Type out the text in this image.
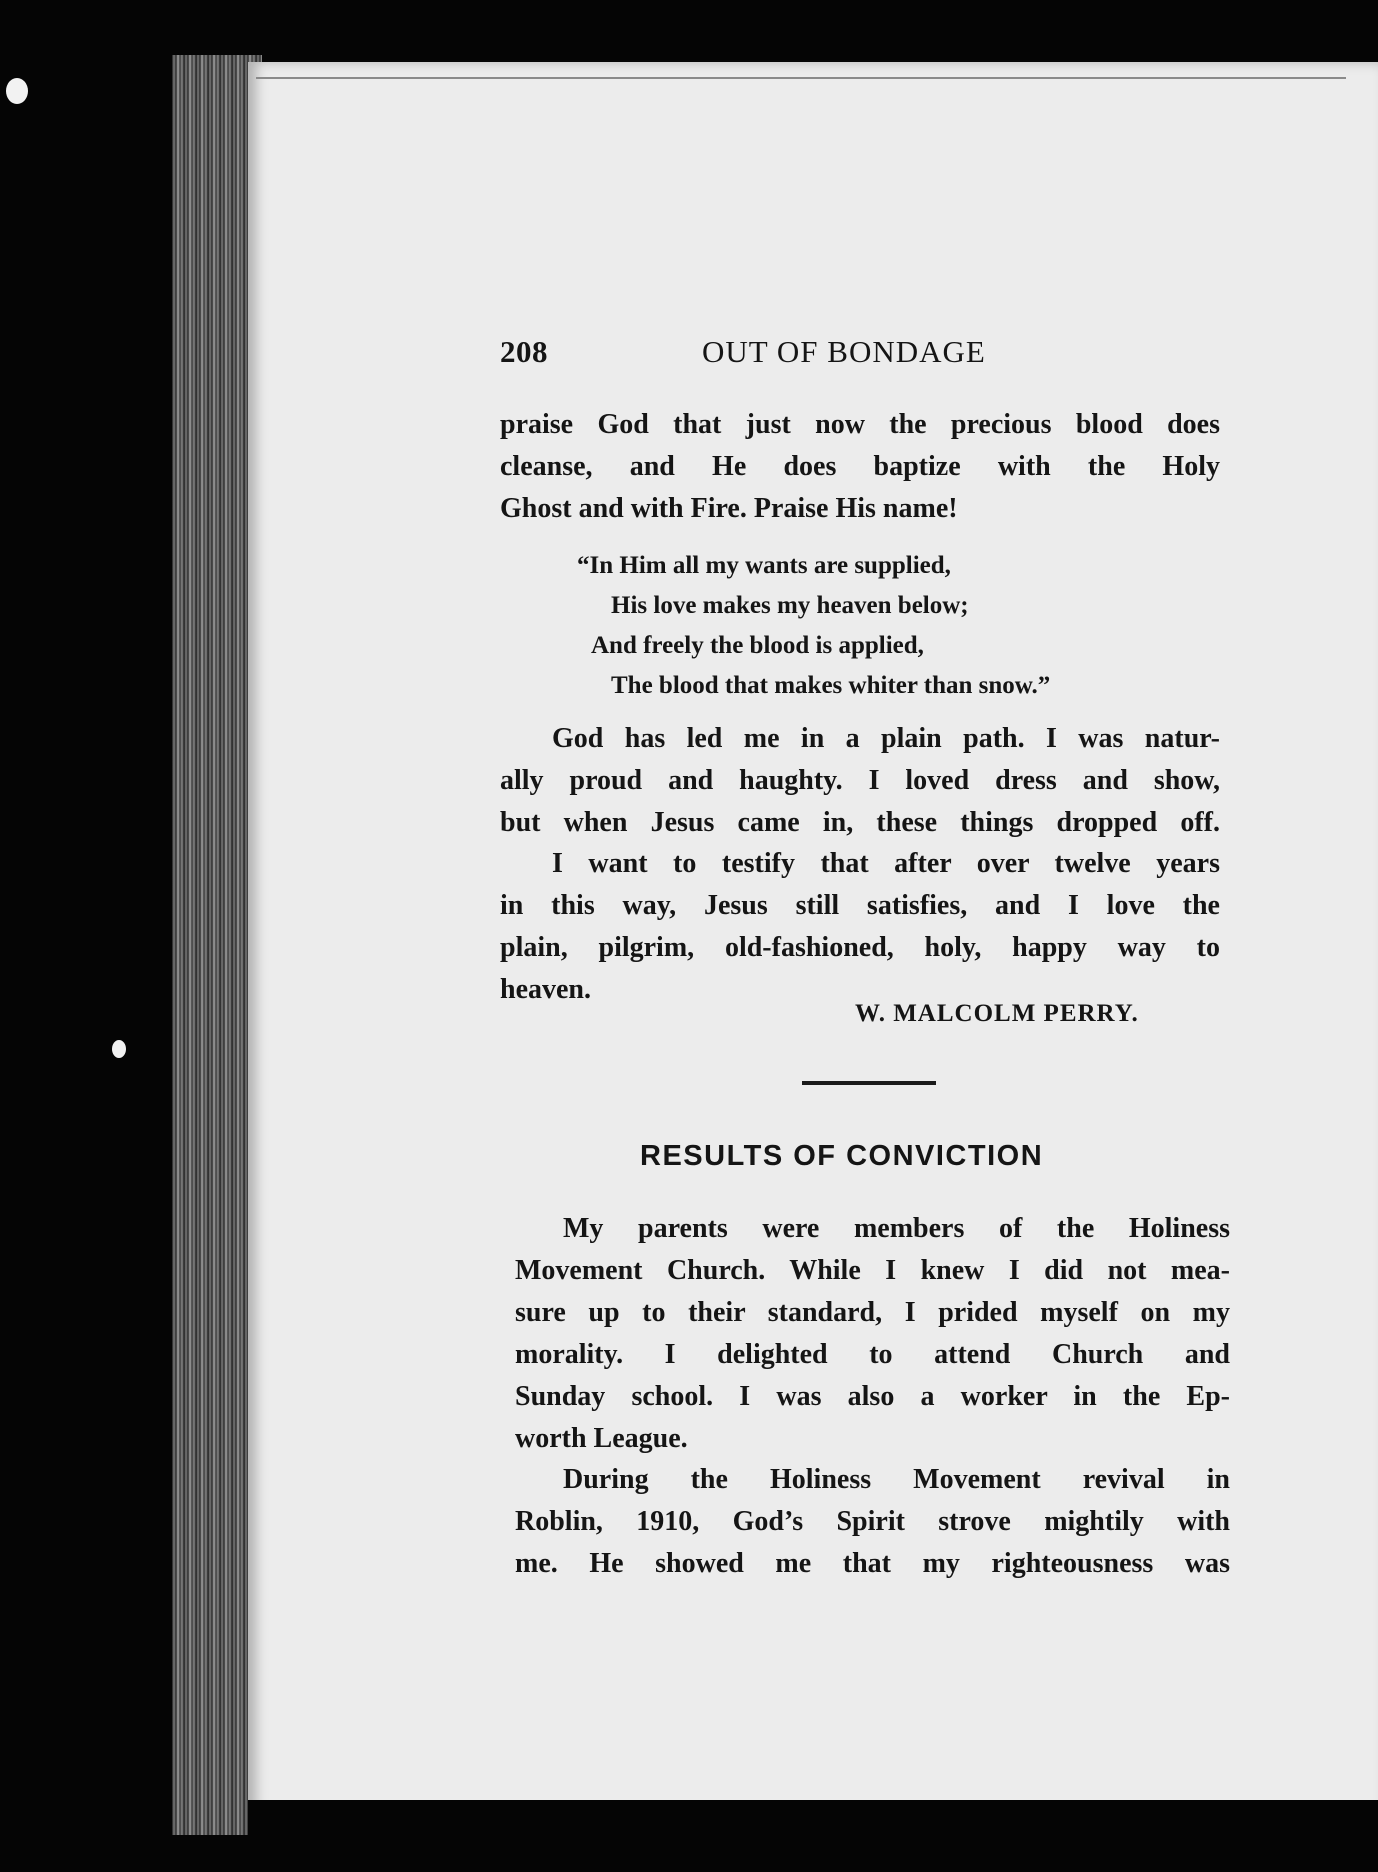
208	OUT OF BONDAGE

praise God that just now the precious blood does
cleanse, and He does baptize with the Holy
Ghost and with Fire. Praise His name!

“In Him all my wants are supplied,
His love makes my heaven below;
And freely the blood is applied,
The blood that makes whiter than snow.”

God has led me in a plain path. I was natur-
ally proud and haughty. I loved dress and show,
but when Jesus came in, these things dropped off.

I want to testify that after over twelve years
in this way, Jesus still satisfies, and I love the
plain, pilgrim, old-fashioned, holy, happy way to
heaven.

W. MALCOLM PERRY.
RESULTS OF CONVICTION

My parents were members of the Holiness
Movement Church. While I knew I did not mea-
sure up to their standard, I prided myself on my
morality. I delighted to attend Church and
Sunday school. I was also a worker in the Ep-
worth League.

During the Holiness Movement revival in
Roblin, 1910, God’s Spirit strove mightily with
me. He showed me that my righteousness was
